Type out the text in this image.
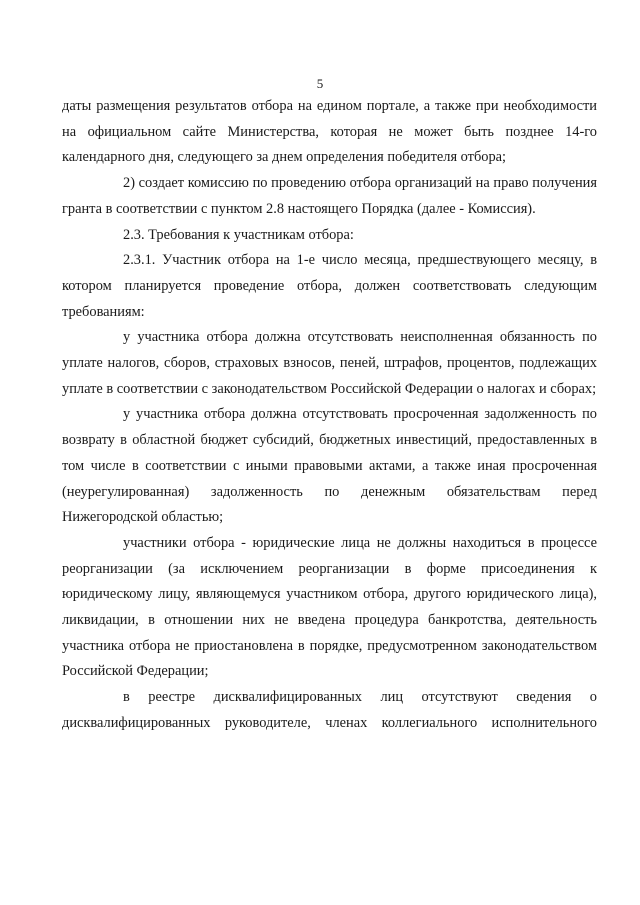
5

даты размещения результатов отбора на едином портале, а также при необходимости на официальном сайте Министерства, которая не может быть позднее 14-го календарного дня, следующего за днем определения победителя отбора;

2) создает комиссию по проведению отбора организаций на право получения гранта в соответствии с пунктом 2.8 настоящего Порядка (далее - Комиссия).

2.3. Требования к участникам отбора:

2.3.1. Участник отбора на 1-е число месяца, предшествующего месяцу, в котором планируется проведение отбора, должен соответствовать следующим требованиям:

у участника отбора должна отсутствовать неисполненная обязанность по уплате налогов, сборов, страховых взносов, пеней, штрафов, процентов, подлежащих уплате в соответствии с законодательством Российской Федерации о налогах и сборах;

у участника отбора должна отсутствовать просроченная задолженность по возврату в областной бюджет субсидий, бюджетных инвестиций, предоставленных в том числе в соответствии с иными правовыми актами, а также иная просроченная (неурегулированная) задолженность по денежным обязательствам перед Нижегородской областью;

участники отбора - юридические лица не должны находиться в процессе реорганизации (за исключением реорганизации в форме присоединения к юридическому лицу, являющемуся участником отбора, другого юридического лица), ликвидации, в отношении них не введена процедура банкротства, деятельность участника отбора не приостановлена в порядке, предусмотренном законодательством Российской Федерации;

в реестре дисквалифицированных лиц отсутствуют сведения о дисквалифицированных руководителе, членах коллегиального исполнительного
